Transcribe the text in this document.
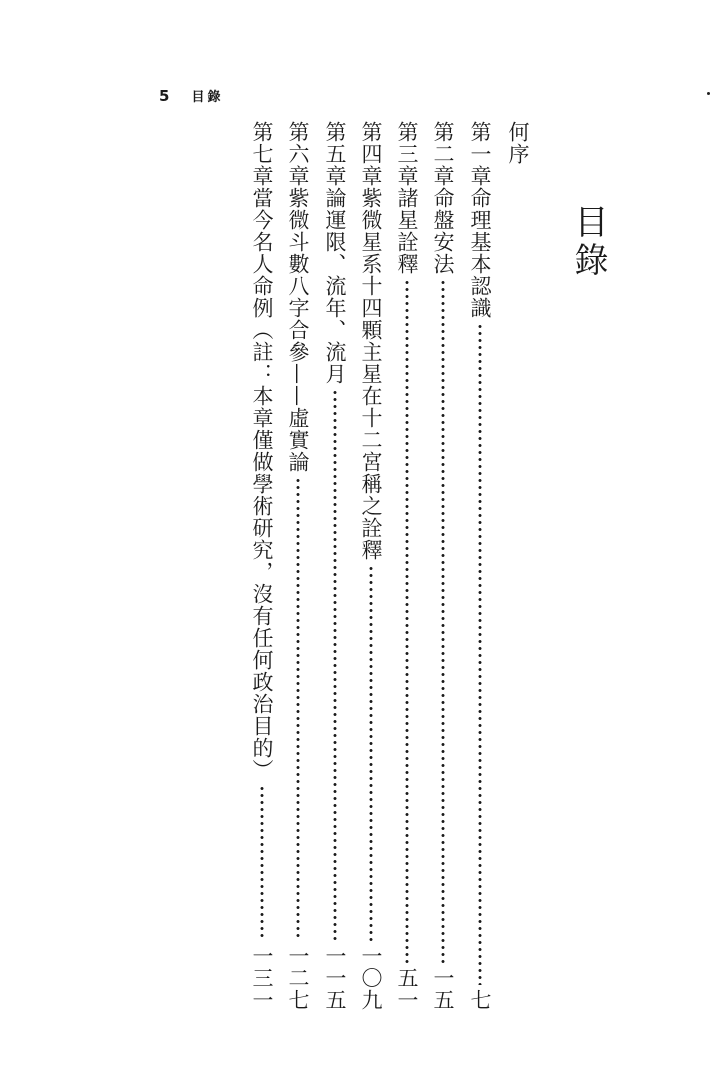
5 目錄
目錄
何序
第一章
命理基本認識
七
第二章
命盤安法
一五
第三章
諸星詮釋
五一
第四章
紫微星系十四顆主星在十二宮稱之詮釋
一〇九
第五章
論運限、流年、流月
一一五
第六章
紫微斗數八字合參——虛實論
一二七
第七章
當今名人命例（註：本章僅做學術研究，沒有任何政治目的）
一三一
